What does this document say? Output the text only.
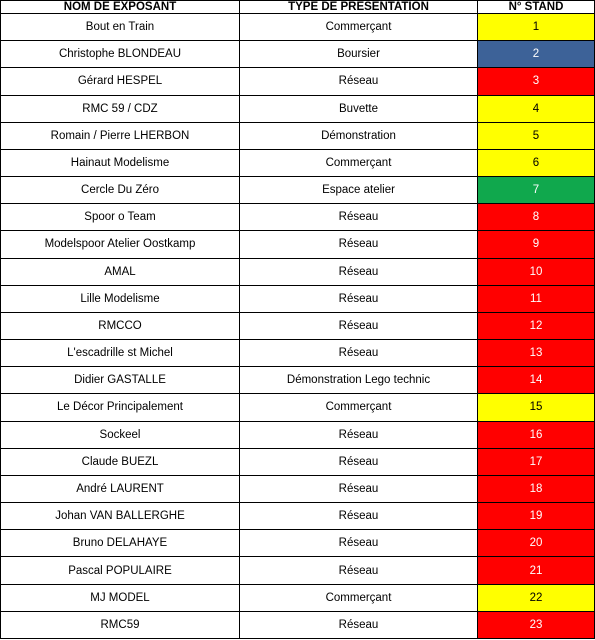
NOM DE EXPOSANT	TYPE DE PRESENTATION	N° STAND
Bout en Train	Commerçant	1
Christophe BLONDEAU	Boursier	2
Gérard HESPEL	Réseau	3
RMC 59 / CDZ	Buvette	4
Romain / Pierre LHERBON	Démonstration	5
Hainaut Modelisme	Commerçant	6
Cercle Du Zéro	Espace atelier	7
Spoor o Team	Réseau	8
Modelspoor Atelier Oostkamp	Réseau	9
AMAL	Réseau	10
Lille Modelisme	Réseau	11
RMCCO	Réseau	12
L'escadrille st Michel	Réseau	13
Didier GASTALLE	Démonstration Lego technic	14
Le Décor Principalement	Commerçant	15
Sockeel	Réseau	16
Claude BUEZL	Réseau	17
André LAURENT	Réseau	18
Johan VAN BALLERGHE	Réseau	19
Bruno DELAHAYE	Réseau	20
Pascal POPULAIRE	Réseau	21
MJ MODEL	Commerçant	22
RMC59	Réseau	23
